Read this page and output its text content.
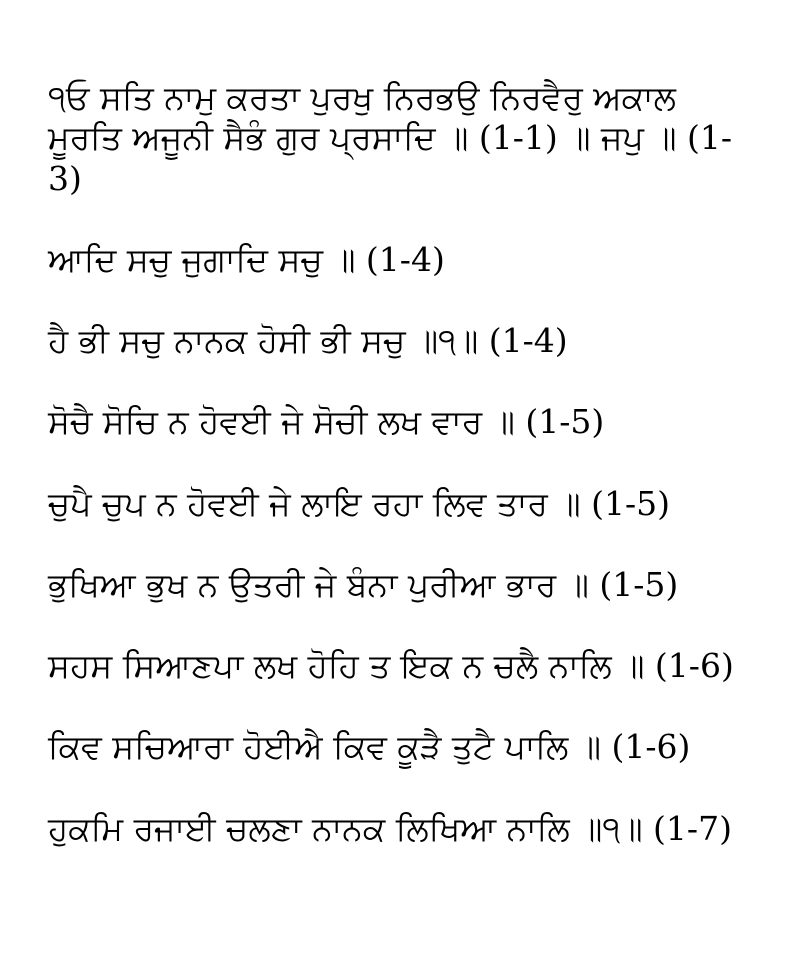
੧ਓ ਸਤਿ ਨਾਮੁ ਕਰਤਾ ਪੁਰਖੁ ਨਿਰਭਉ ਨਿਰਵੈਰੁ ਅਕਾਲ ਮੂਰਤਿ ਅਜੂਨੀ ਸੈਭੰ ਗੁਰ ਪ੍ਰਸਾਦਿ ॥ (1-1) ॥ ਜਪੁ ॥ (1-3)

ਆਦਿ ਸਚੁ ਜੁਗਾਦਿ ਸਚੁ ॥ (1-4)

ਹੈ ਭੀ ਸਚੁ ਨਾਨਕ ਹੋਸੀ ਭੀ ਸਚੁ ॥੧॥ (1-4)

ਸੋਚੈ ਸੋਚਿ ਨ ਹੋਵਈ ਜੇ ਸੋਚੀ ਲਖ ਵਾਰ ॥ (1-5)

ਚੁਪੈ ਚੁਪ ਨ ਹੋਵਈ ਜੇ ਲਾਇ ਰਹਾ ਲਿਵ ਤਾਰ ॥ (1-5)

ਭੁਖਿਆ ਭੁਖ ਨ ਉਤਰੀ ਜੇ ਬੰਨਾ ਪੁਰੀਆ ਭਾਰ ॥ (1-5)

ਸਹਸ ਸਿਆਣਪਾ ਲਖ ਹੋਹਿ ਤ ਇਕ ਨ ਚਲੈ ਨਾਲਿ ॥ (1-6)

ਕਿਵ ਸਚਿਆਰਾ ਹੋਈਐ ਕਿਵ ਕੂੜੈ ਤੁਟੈ ਪਾਲਿ ॥ (1-6)

ਹੁਕਮਿ ਰਜਾਈ ਚਲਣਾ ਨਾਨਕ ਲਿਖਿਆ ਨਾਲਿ ॥੧॥ (1-7)
